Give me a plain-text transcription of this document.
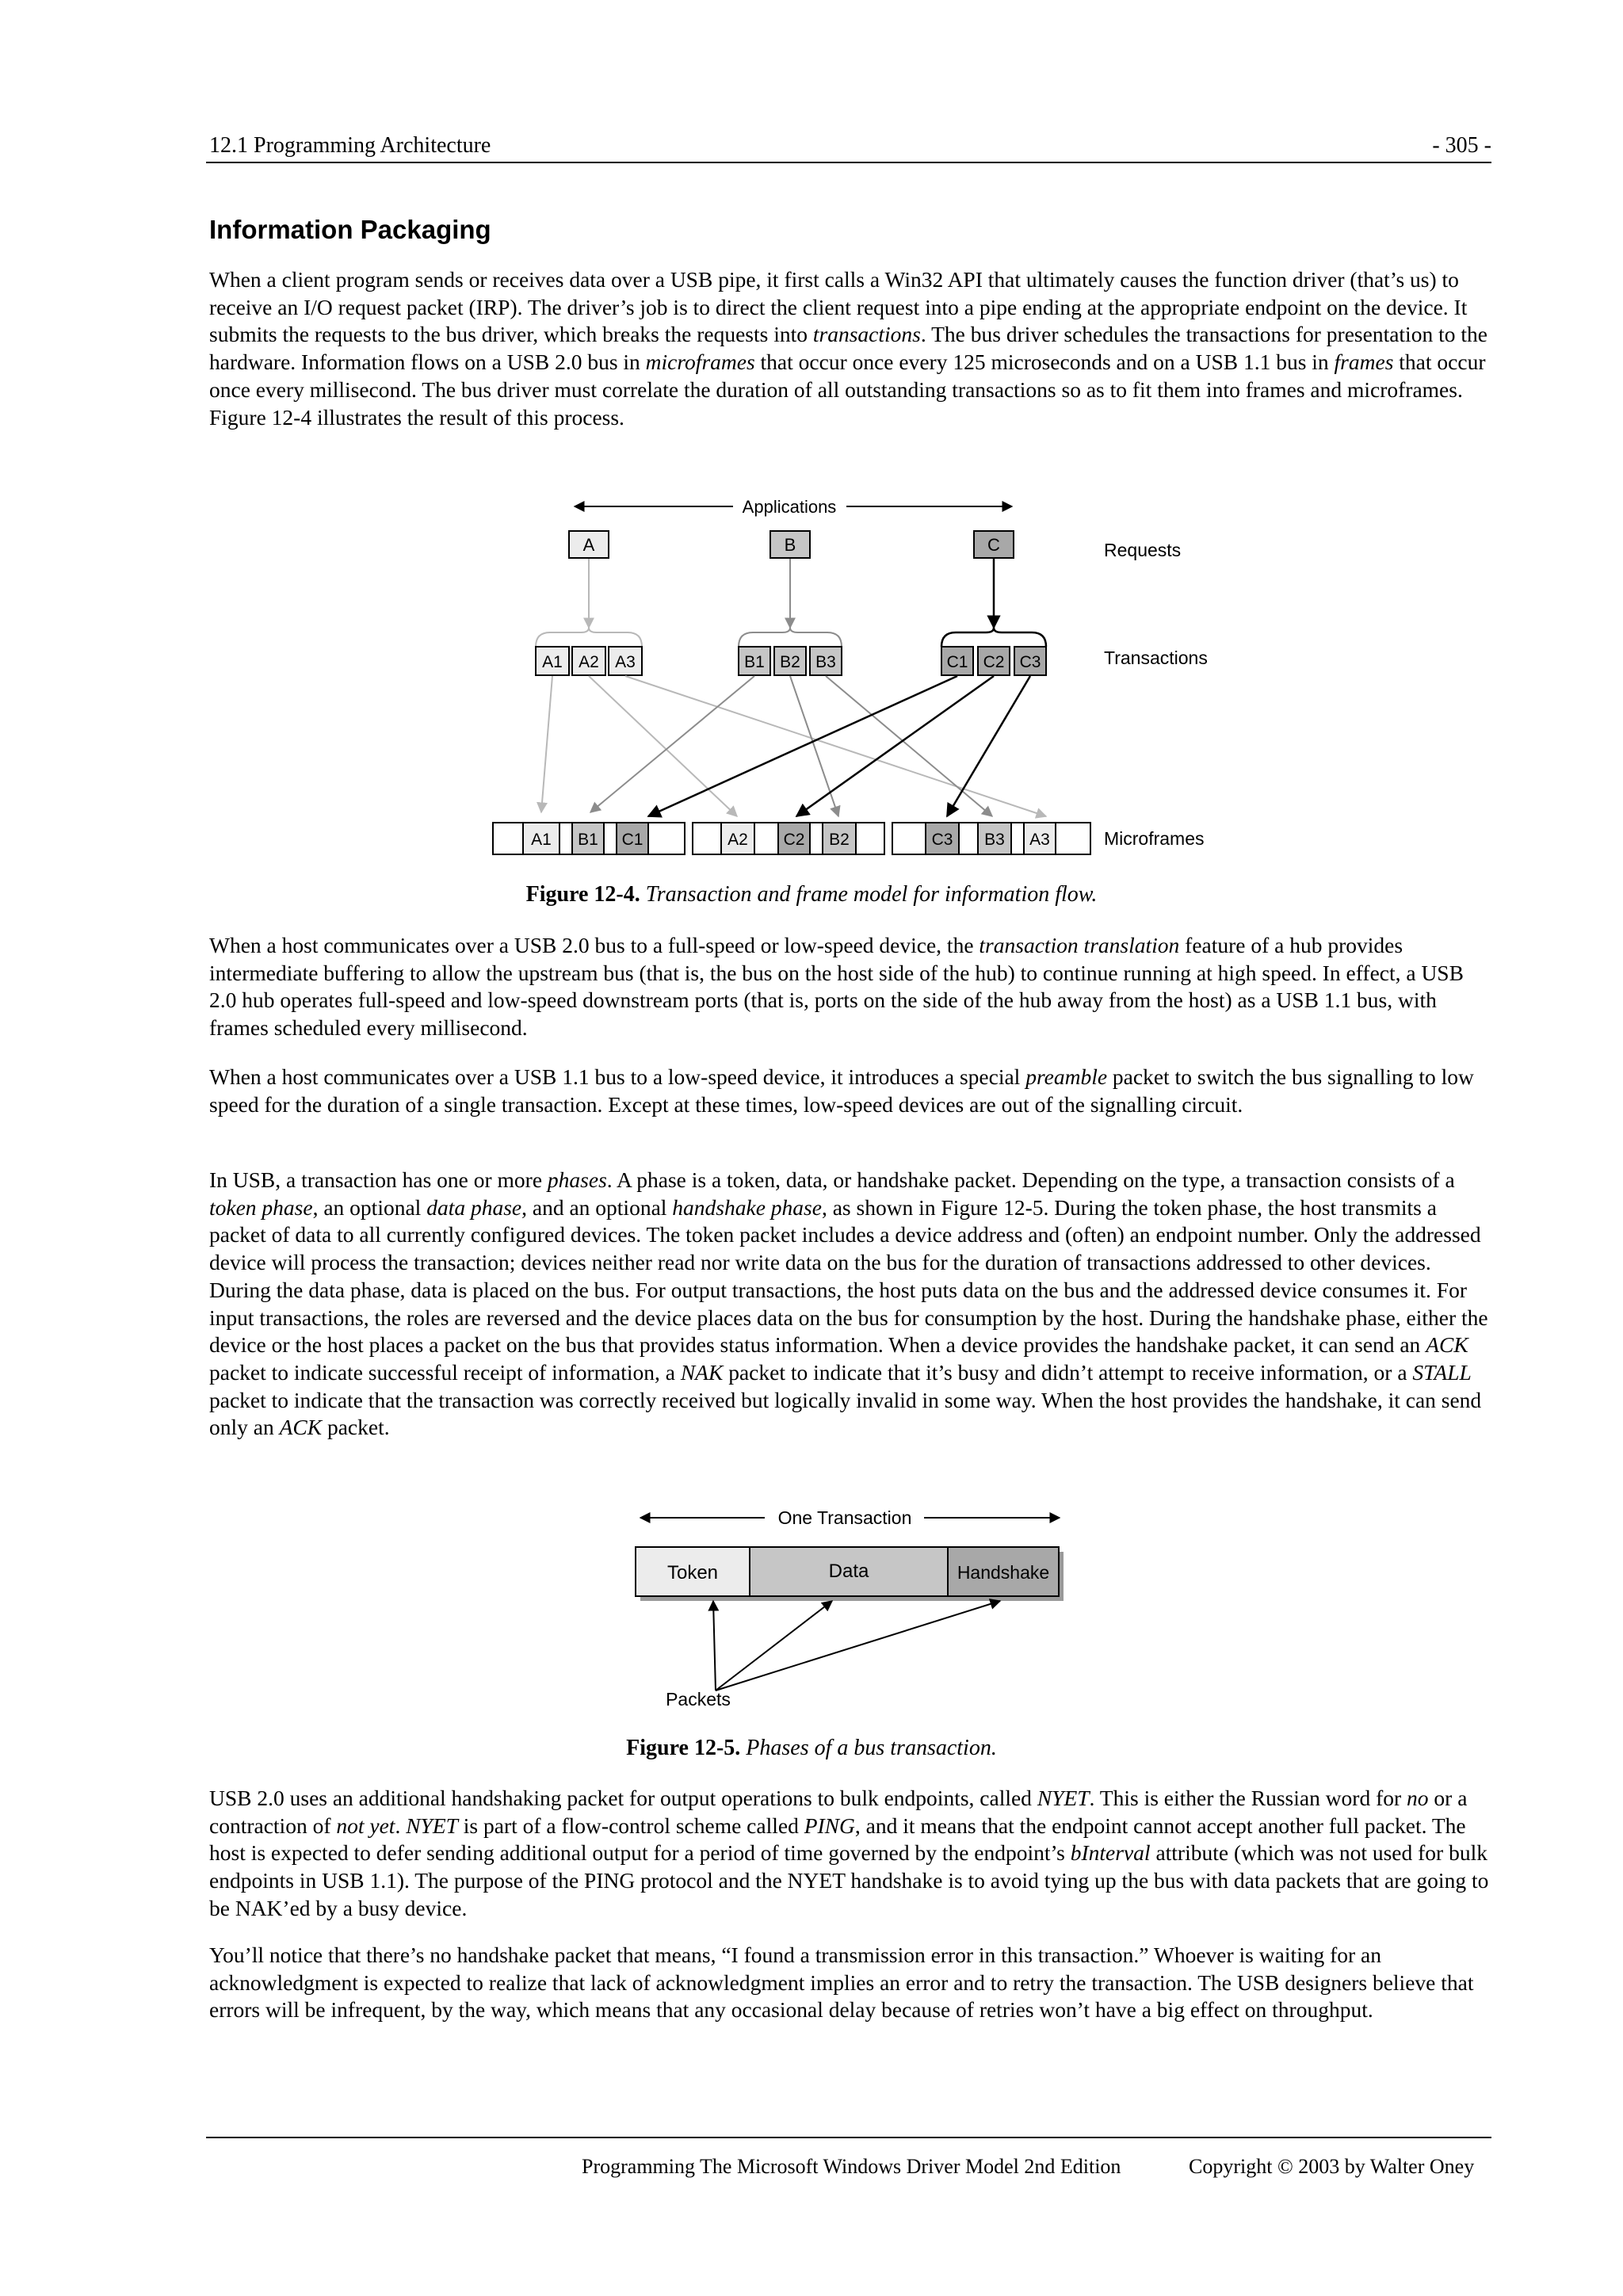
12.1 Programming Architecture	- 305 -
Information Packaging

When a client program sends or receives data over a USB pipe, it first calls a Win32 API that ultimately causes the function driver (that’s us) to receive an I/O request packet (IRP). The driver’s job is to direct the client request into a pipe ending at the appropriate endpoint on the device. It submits the requests to the bus driver, which breaks the requests into transactions. The bus driver schedules the transactions for presentation to the hardware. Information flows on a USB 2.0 bus in microframes that occur once every 125 microseconds and on a USB 1.1 bus in frames that occur once every millisecond. The bus driver must correlate the duration of all outstanding transactions so as to fit them into frames and microframes. Figure 12-4 illustrates the result of this process.

Applications
A	B	C	Requests
A1 A2 A3	B1 B2 B3	C1 C2 C3	Transactions
A1 B1 C1	A2 C2 B2	C3 B3 A3	Microframes
Figure 12-4. Transaction and frame model for information flow.

When a host communicates over a USB 2.0 bus to a full-speed or low-speed device, the transaction translation feature of a hub provides intermediate buffering to allow the upstream bus (that is, the bus on the host side of the hub) to continue running at high speed. In effect, a USB 2.0 hub operates full-speed and low-speed downstream ports (that is, ports on the side of the hub away from the host) as a USB 1.1 bus, with frames scheduled every millisecond.

When a host communicates over a USB 1.1 bus to a low-speed device, it introduces a special preamble packet to switch the bus signalling to low speed for the duration of a single transaction. Except at these times, low-speed devices are out of the signalling circuit.

In USB, a transaction has one or more phases. A phase is a token, data, or handshake packet. Depending on the type, a transaction consists of a token phase, an optional data phase, and an optional handshake phase, as shown in Figure 12-5. During the token phase, the host transmits a packet of data to all currently configured devices. The token packet includes a device address and (often) an endpoint number. Only the addressed device will process the transaction; devices neither read nor write data on the bus for the duration of transactions addressed to other devices. During the data phase, data is placed on the bus. For output transactions, the host puts data on the bus and the addressed device consumes it. For input transactions, the roles are reversed and the device places data on the bus for consumption by the host. During the handshake phase, either the device or the host places a packet on the bus that provides status information. When a device provides the handshake packet, it can send an ACK packet to indicate successful receipt of information, a NAK packet to indicate that it’s busy and didn’t attempt to receive information, or a STALL packet to indicate that the transaction was correctly received but logically invalid in some way. When the host provides the handshake, it can send only an ACK packet.

One Transaction
Token	Data	Handshake
Packets
Figure 12-5. Phases of a bus transaction.

USB 2.0 uses an additional handshaking packet for output operations to bulk endpoints, called NYET. This is either the Russian word for no or a contraction of not yet. NYET is part of a flow-control scheme called PING, and it means that the endpoint cannot accept another full packet. The host is expected to defer sending additional output for a period of time governed by the endpoint’s bInterval attribute (which was not used for bulk endpoints in USB 1.1). The purpose of the PING protocol and the NYET handshake is to avoid tying up the bus with data packets that are going to be NAK’ed by a busy device.

You’ll notice that there’s no handshake packet that means, “I found a transmission error in this transaction.” Whoever is waiting for an acknowledgment is expected to realize that lack of acknowledgment implies an error and to retry the transaction. The USB designers believe that errors will be infrequent, by the way, which means that any occasional delay because of retries won’t have a big effect on throughput.

Programming The Microsoft Windows Driver Model 2nd Edition	Copyright © 2003 by Walter Oney
